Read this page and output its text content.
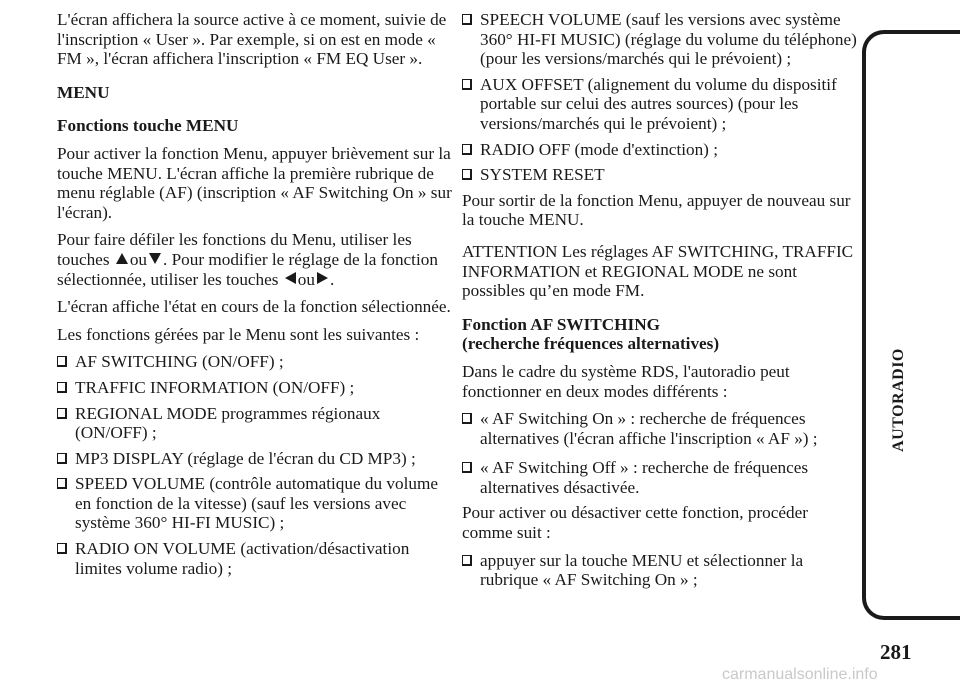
L'écran affichera la source active à ce moment, suivie de l'inscription « User ». Par exemple, si on est en mode « FM », l'écran affichera l'inscription « FM EQ User ».

MENU
Fonctions touche MENU

Pour activer la fonction Menu, appuyer brièvement sur la touche MENU. L'écran affiche la première rubrique de menu réglable (AF) (inscription « AF Switching On » sur l'écran).

Pour faire défiler les fonctions du Menu, utiliser les touches ou . Pour modifier le réglage de la fonction sélectionnée, utiliser les touches ou .

L'écran affiche l'état en cours de la fonction sélectionnée.

Les fonctions gérées par le Menu sont les suivantes :

AF SWITCHING (ON/OFF) ;
TRAFFIC INFORMATION (ON/OFF) ;
REGIONAL MODE programmes régionaux (ON/OFF) ;
MP3 DISPLAY (réglage de l'écran du CD MP3) ;
SPEED VOLUME (contrôle automatique du volume en fonction de la vitesse) (sauf les versions avec système 360° HI-FI MUSIC) ;
RADIO ON VOLUME (activation/désactivation limites volume radio) ;
SPEECH VOLUME (sauf les versions avec système 360° HI-FI MUSIC) (réglage du volume du téléphone) (pour les versions/marchés qui le prévoient) ;
AUX OFFSET (alignement du volume du dispositif portable sur celui des autres sources) (pour les versions/marchés qui le prévoient) ;
RADIO OFF (mode d'extinction) ;
SYSTEM RESET

Pour sortir de la fonction Menu, appuyer de nouveau sur la touche MENU.

ATTENTION Les réglages AF SWITCHING, TRAFFIC INFORMATION et REGIONAL MODE ne sont possibles qu’en mode FM.

Fonction AF SWITCHING
(recherche fréquences alternatives)

Dans le cadre du système RDS, l'autoradio peut fonctionner en deux modes différents :

« AF Switching On » : recherche de fréquences alternatives (l'écran affiche l'inscription « AF ») ;
« AF Switching Off » : recherche de fréquences alternatives désactivée.

Pour activer ou désactiver cette fonction, procéder comme suit :

appuyer sur la touche MENU et sélectionner la rubrique « AF Switching On » ;
AUTORADIO
281
carmanualsonline.info
